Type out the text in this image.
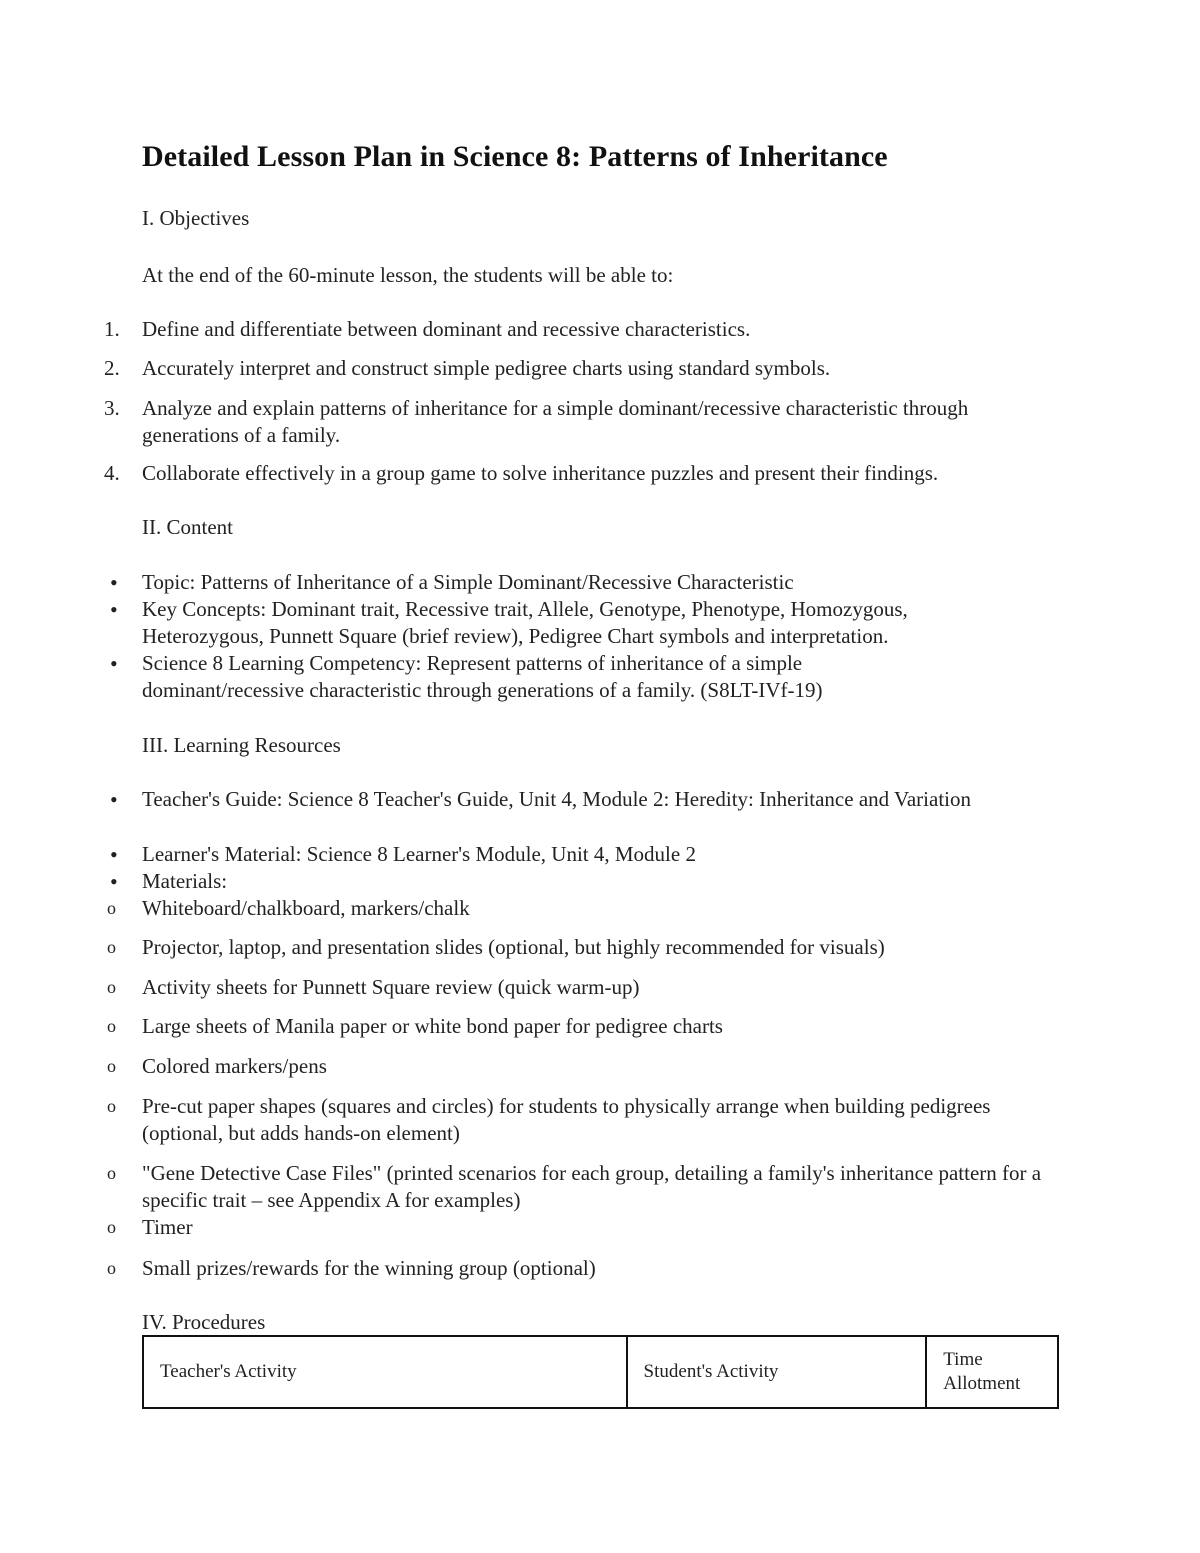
Detailed Lesson Plan in Science 8: Patterns of Inheritance
I. Objectives
At the end of the 60-minute lesson, the students will be able to:
1.	Define and differentiate between dominant and recessive characteristics.
2.	Accurately interpret and construct simple pedigree charts using standard symbols.
3.	Analyze and explain patterns of inheritance for a simple dominant/recessive characteristic through generations of a family.
4.	Collaborate effectively in a group game to solve inheritance puzzles and present their findings.
II. Content
•	Topic: Patterns of Inheritance of a Simple Dominant/Recessive Characteristic
•	Key Concepts: Dominant trait, Recessive trait, Allele, Genotype, Phenotype, Homozygous, Heterozygous, Punnett Square (brief review), Pedigree Chart symbols and interpretation.
•	Science 8 Learning Competency: Represent patterns of inheritance of a simple dominant/recessive characteristic through generations of a family. (S8LT-IVf-19)
III. Learning Resources
•	Teacher's Guide: Science 8 Teacher's Guide, Unit 4, Module 2: Heredity: Inheritance and Variation
•	Learner's Material: Science 8 Learner's Module, Unit 4, Module 2
•	Materials:
o	Whiteboard/chalkboard, markers/chalk
o	Projector, laptop, and presentation slides (optional, but highly recommended for visuals)
o	Activity sheets for Punnett Square review (quick warm-up)
o	Large sheets of Manila paper or white bond paper for pedigree charts
o	Colored markers/pens
o	Pre-cut paper shapes (squares and circles) for students to physically arrange when building pedigrees (optional, but adds hands-on element)
o	"Gene Detective Case Files" (printed scenarios for each group, detailing a family's inheritance pattern for a specific trait – see Appendix A for examples)
o	Timer
o	Small prizes/rewards for the winning group (optional)
IV. Procedures
Teacher's Activity	Student's Activity	Time Allotment
